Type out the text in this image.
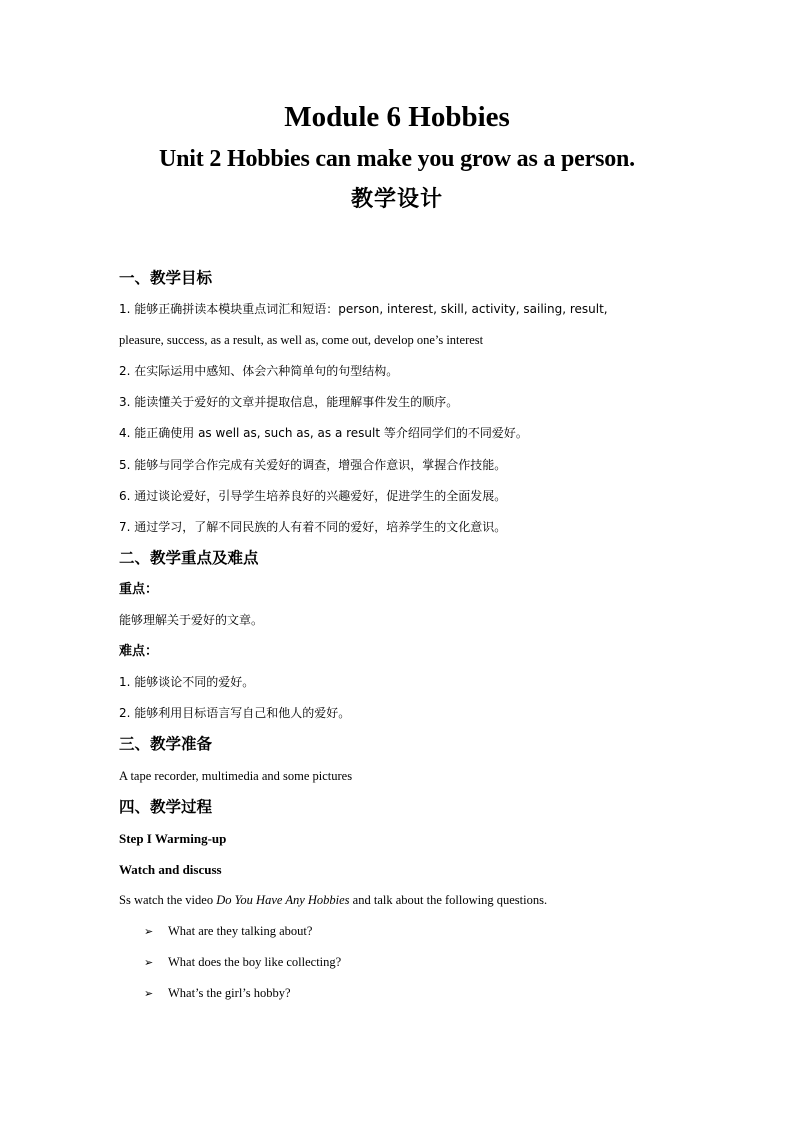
Module 6 Hobbies
Unit 2 Hobbies can make you grow as a person.
教学设计
一、教学目标
1. 能够正确拼读本模块重点词汇和短语：person, interest, skill, activity, sailing, result,
pleasure, success, as a result, as well as, come out, develop one’s interest
2. 在实际运用中感知、体会六种简单句的句型结构。
3. 能读懂关于爱好的文章并提取信息，能理解事件发生的顺序。
4. 能正确使用 as well as, such as, as a result 等介绍同学们的不同爱好。
5. 能够与同学合作完成有关爱好的调查，增强合作意识，掌握合作技能。
6. 通过谈论爱好，引导学生培养良好的兴趣爱好，促进学生的全面发展。
7. 通过学习，了解不同民族的人有着不同的爱好，培养学生的文化意识。
二、教学重点及难点
重点：
能够理解关于爱好的文章。
难点：
1. 能够谈论不同的爱好。
2. 能够利用目标语言写自己和他人的爱好。
三、教学准备
A tape recorder, multimedia and some pictures
四、教学过程
Step I Warming-up
Watch and discuss
Ss watch the video Do You Have Any Hobbies and talk about the following questions.
➢ What are they talking about?
➢ What does the boy like collecting?
➢ What’s the girl’s hobby?
